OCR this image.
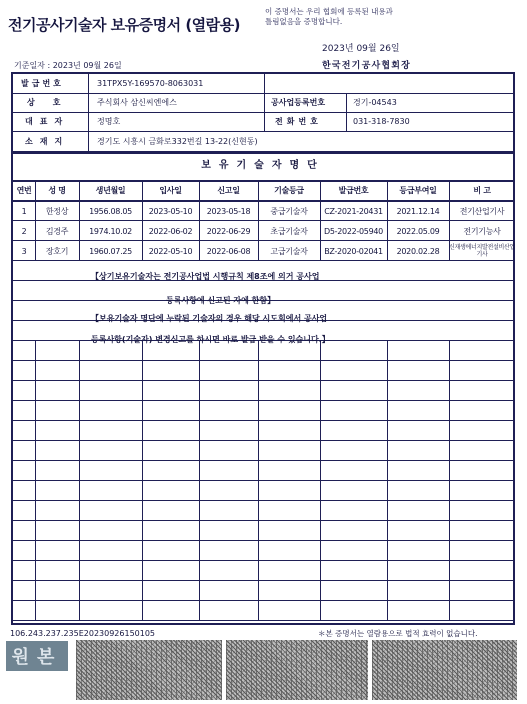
전기공사기술자 보유증명서 (열람용)
이 증명서는 우리 협회에 등록된 내용과
틀림없음을 증명합니다.
2023년 09월 26일
한국전기공사협회장
기준일자 : 2023년 09월 26일
발급번호	31TPX5Y-169570-8063031
상호 주식회사 삼신씨엔에스	공사업등록번호	경기-04543
대표자	정명호	전화번호	031-318-7830
소재지	경기도 시흥시 금화로332번길 13-22(신현동)
보유기술자명단
연번	성 명	생년월일	입사일	신고일	기술등급	발급번호	등급부여일	비 고
1	한정상	1956.08.05	2023-05-10	2023-05-18	중급기술자	CZ-2021-20431	2021.12.14	전기산업기사
2	김경주	1974.10.02	2022-06-02	2022-06-29	초급기술자	D5-2022-05940	2022.05.09	전기기능사
3	장호기	1960.07.25	2022-05-10	2022-06-08	고급기술자	BZ-2020-02041	2020.02.28	신재생에너지발전설비산업기사
【상기보유기술자는 전기공사업법 시행규칙 제8조에 의거 공사업
등록사항에 신고된 자에 한함】
【보유기술자 명단에 누락된 기술자의 경우 해당 시도회에서 공사업
등록사항(기술자) 변경신고를 하시면 바로 발급 받을 수 있습니다.】
106.243.237.235E20230926150105	＊본 증명서는 열람용으로 법적 효력이 없습니다.
원본
